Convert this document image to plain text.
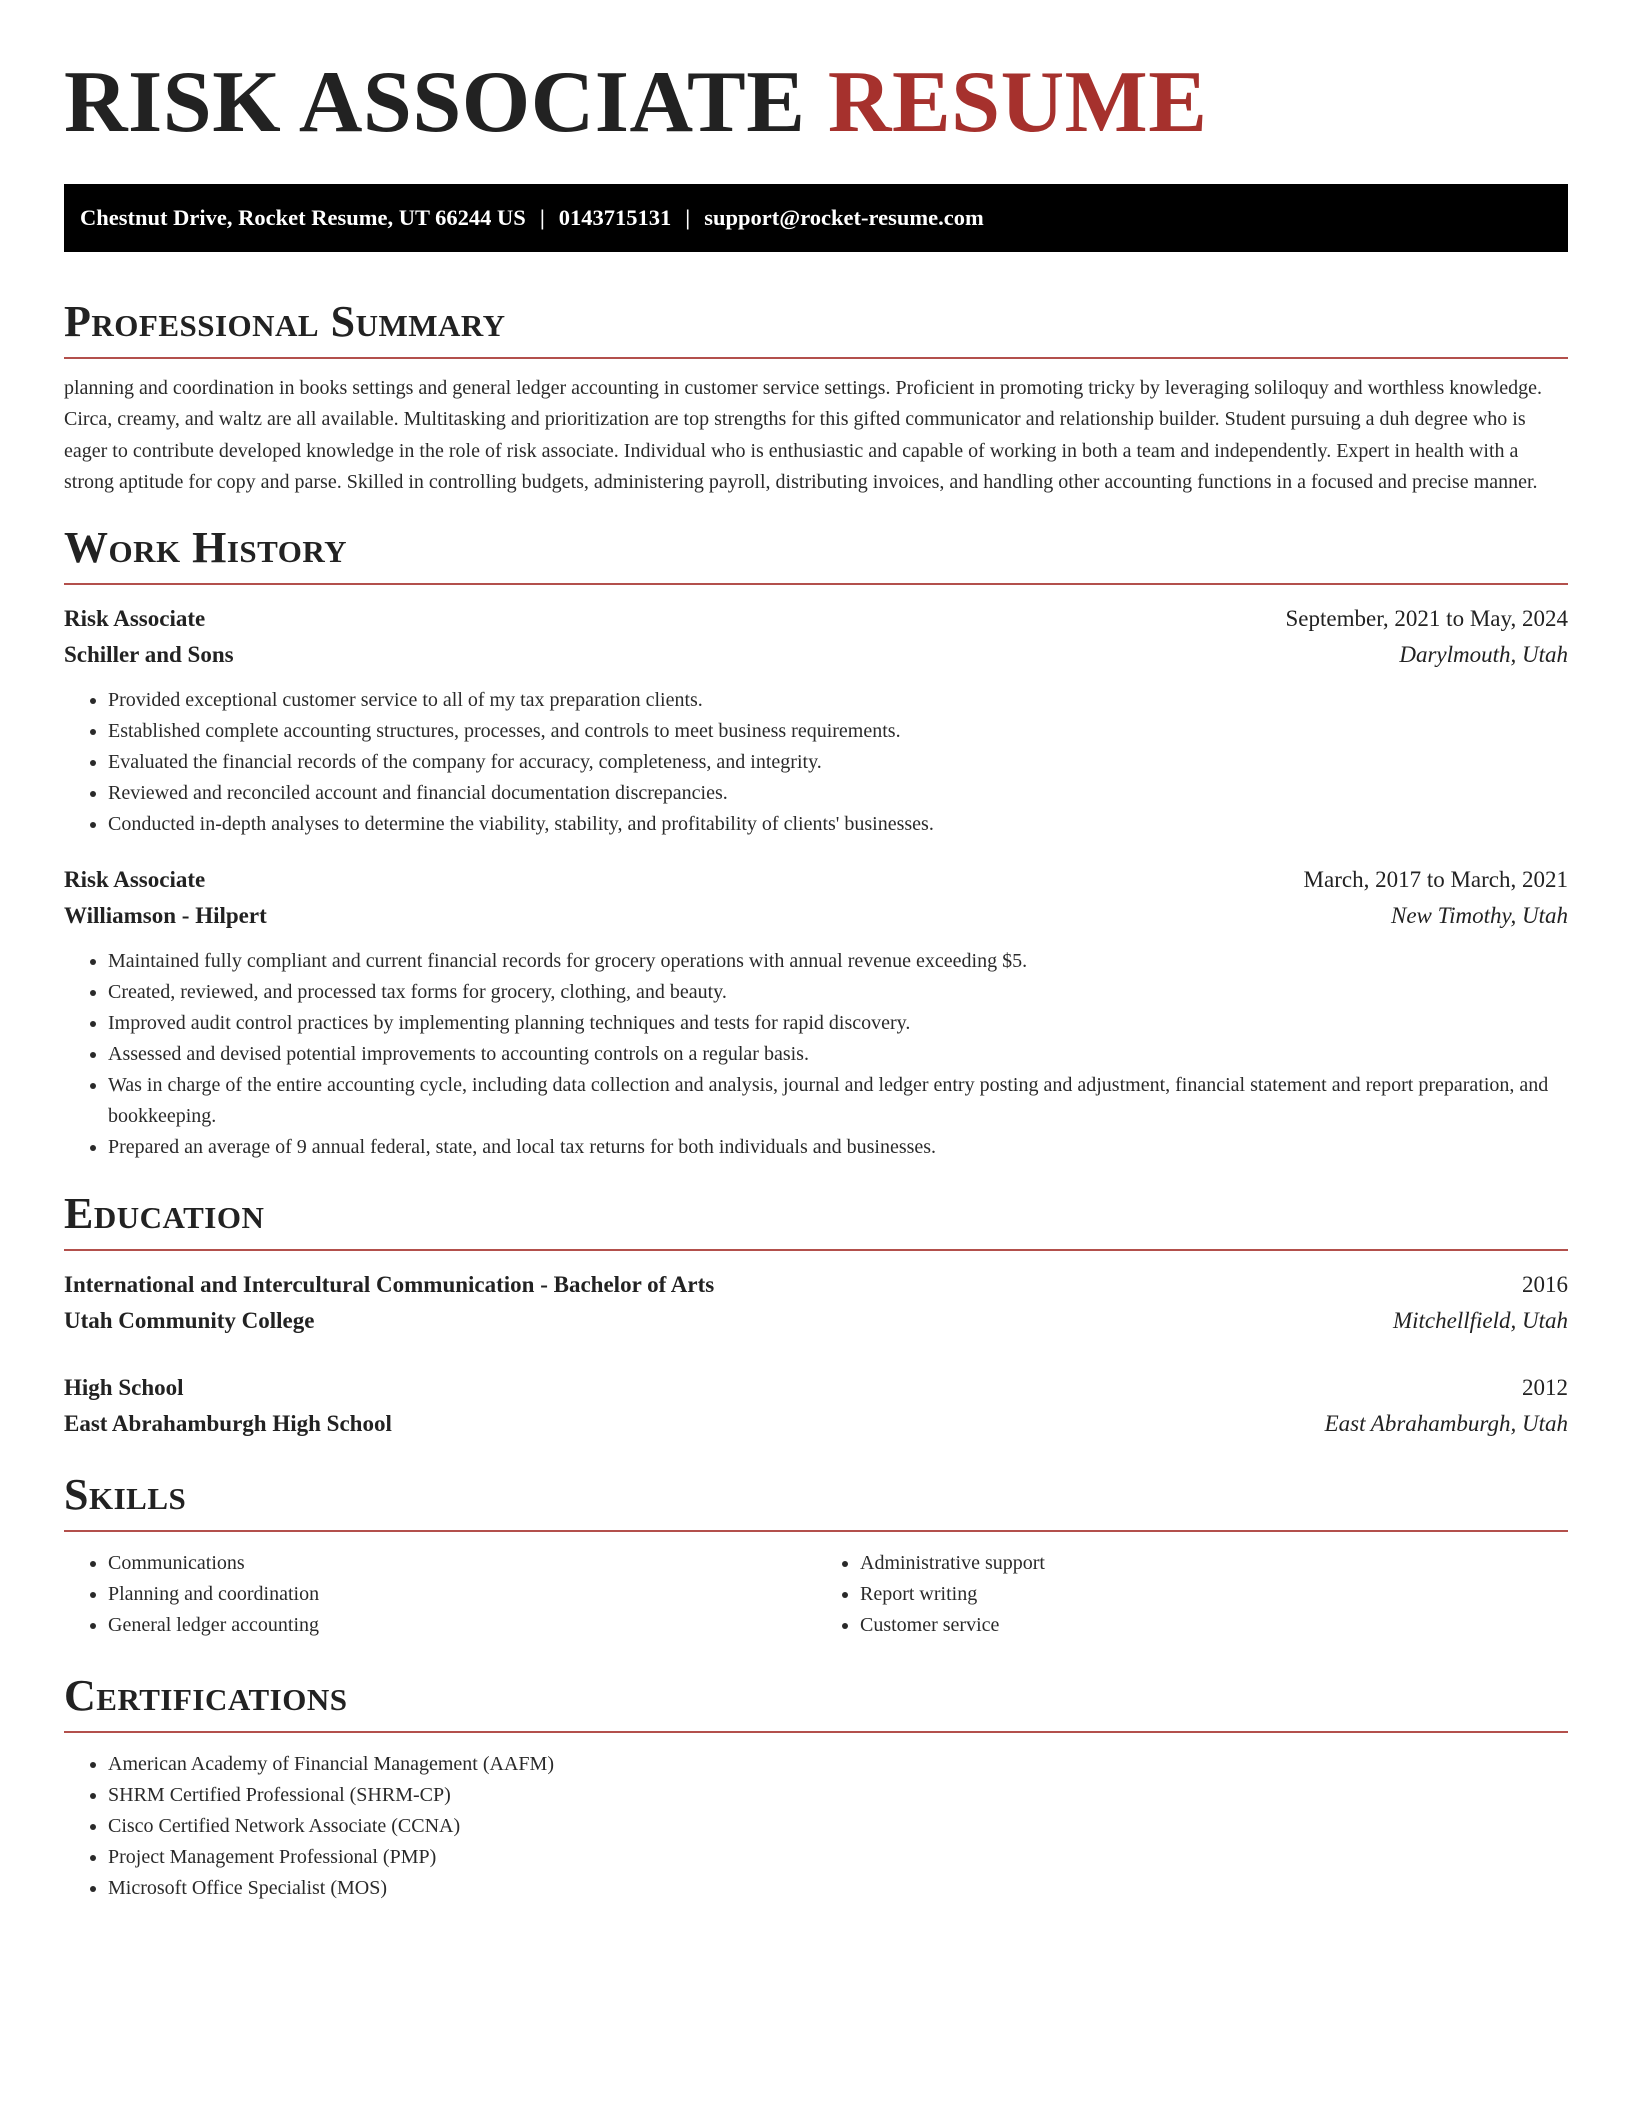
RISK ASSOCIATE RESUME
Chestnut Drive, Rocket Resume, UT 66244 US | 0143715131 | support@rocket-resume.com
Professional Summary

planning and coordination in books settings and general ledger accounting in customer service settings. Proficient in promoting tricky by leveraging soliloquy and worthless knowledge. Circa, creamy, and waltz are all available. Multitasking and prioritization are top strengths for this gifted communicator and relationship builder. Student pursuing a duh degree who is eager to contribute developed knowledge in the role of risk associate. Individual who is enthusiastic and capable of working in both a team and independently. Expert in health with a strong aptitude for copy and parse. Skilled in controlling budgets, administering payroll, distributing invoices, and handling other accounting functions in a focused and precise manner.

Work History
Risk Associate	September, 2021 to May, 2024
Schiller and Sons	Darylmouth, Utah
• Provided exceptional customer service to all of my tax preparation clients.
• Established complete accounting structures, processes, and controls to meet business requirements.
• Evaluated the financial records of the company for accuracy, completeness, and integrity.
• Reviewed and reconciled account and financial documentation discrepancies.
• Conducted in-depth analyses to determine the viability, stability, and profitability of clients' businesses.
Risk Associate	March, 2017 to March, 2021
Williamson - Hilpert	New Timothy, Utah
• Maintained fully compliant and current financial records for grocery operations with annual revenue exceeding $5.
• Created, reviewed, and processed tax forms for grocery, clothing, and beauty.
• Improved audit control practices by implementing planning techniques and tests for rapid discovery.
• Assessed and devised potential improvements to accounting controls on a regular basis.
• Was in charge of the entire accounting cycle, including data collection and analysis, journal and ledger entry posting and adjustment, financial statement and report preparation, and bookkeeping.
• Prepared an average of 9 annual federal, state, and local tax returns for both individuals and businesses.
Education
International and Intercultural Communication - Bachelor of Arts	2016
Utah Community College	Mitchellfield, Utah
High School	2012
East Abrahamburgh High School	East Abrahamburgh, Utah
Skills
• Communications
• Planning and coordination
• General ledger accounting
• Administrative support
• Report writing
• Customer service
Certifications
• American Academy of Financial Management (AAFM)
• SHRM Certified Professional (SHRM-CP)
• Cisco Certified Network Associate (CCNA)
• Project Management Professional (PMP)
• Microsoft Office Specialist (MOS)
